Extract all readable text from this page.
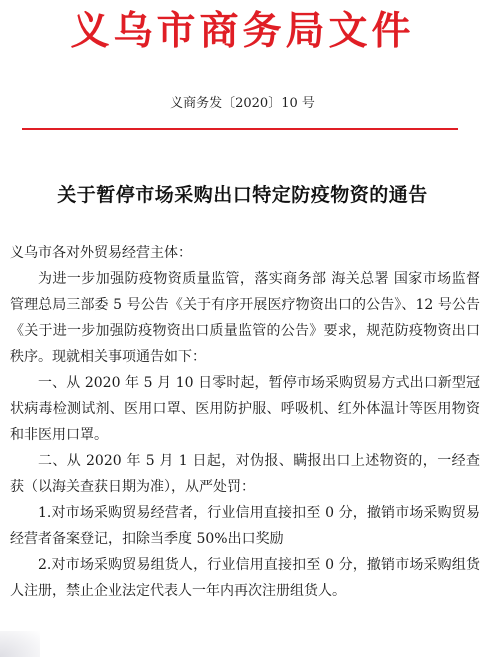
义乌市商务局文件
义商务发〔2020〕10 号
关于暂停市场采购出口特定防疫物资的通告

义乌市各对外贸易经营主体：

为进一步加强防疫物资质量监管，落实商务部 海关总署 国家市场监督管理总局三部委 5 号公告《关于有序开展医疗物资出口的公告》、12 号公告《关于进一步加强防疫物资出口质量监管的公告》要求，规范防疫物资出口秩序。现就相关事项通告如下：

一、从 2020 年 5 月 10 日零时起，暂停市场采购贸易方式出口新型冠状病毒检测试剂、医用口罩、医用防护服、呼吸机、红外体温计等医用物资和非医用口罩。

二、从 2020 年 5 月 1 日起，对伪报、瞒报出口上述物资的，一经查获（以海关查获日期为准），从严处罚：

1.对市场采购贸易经营者，行业信用直接扣至 0 分，撤销市场采购贸易经营者备案登记，扣除当季度 50%出口奖励

2.对市场采购贸易组货人，行业信用直接扣至 0 分，撤销市场采购组货人注册，禁止企业法定代表人一年内再次注册组货人。
